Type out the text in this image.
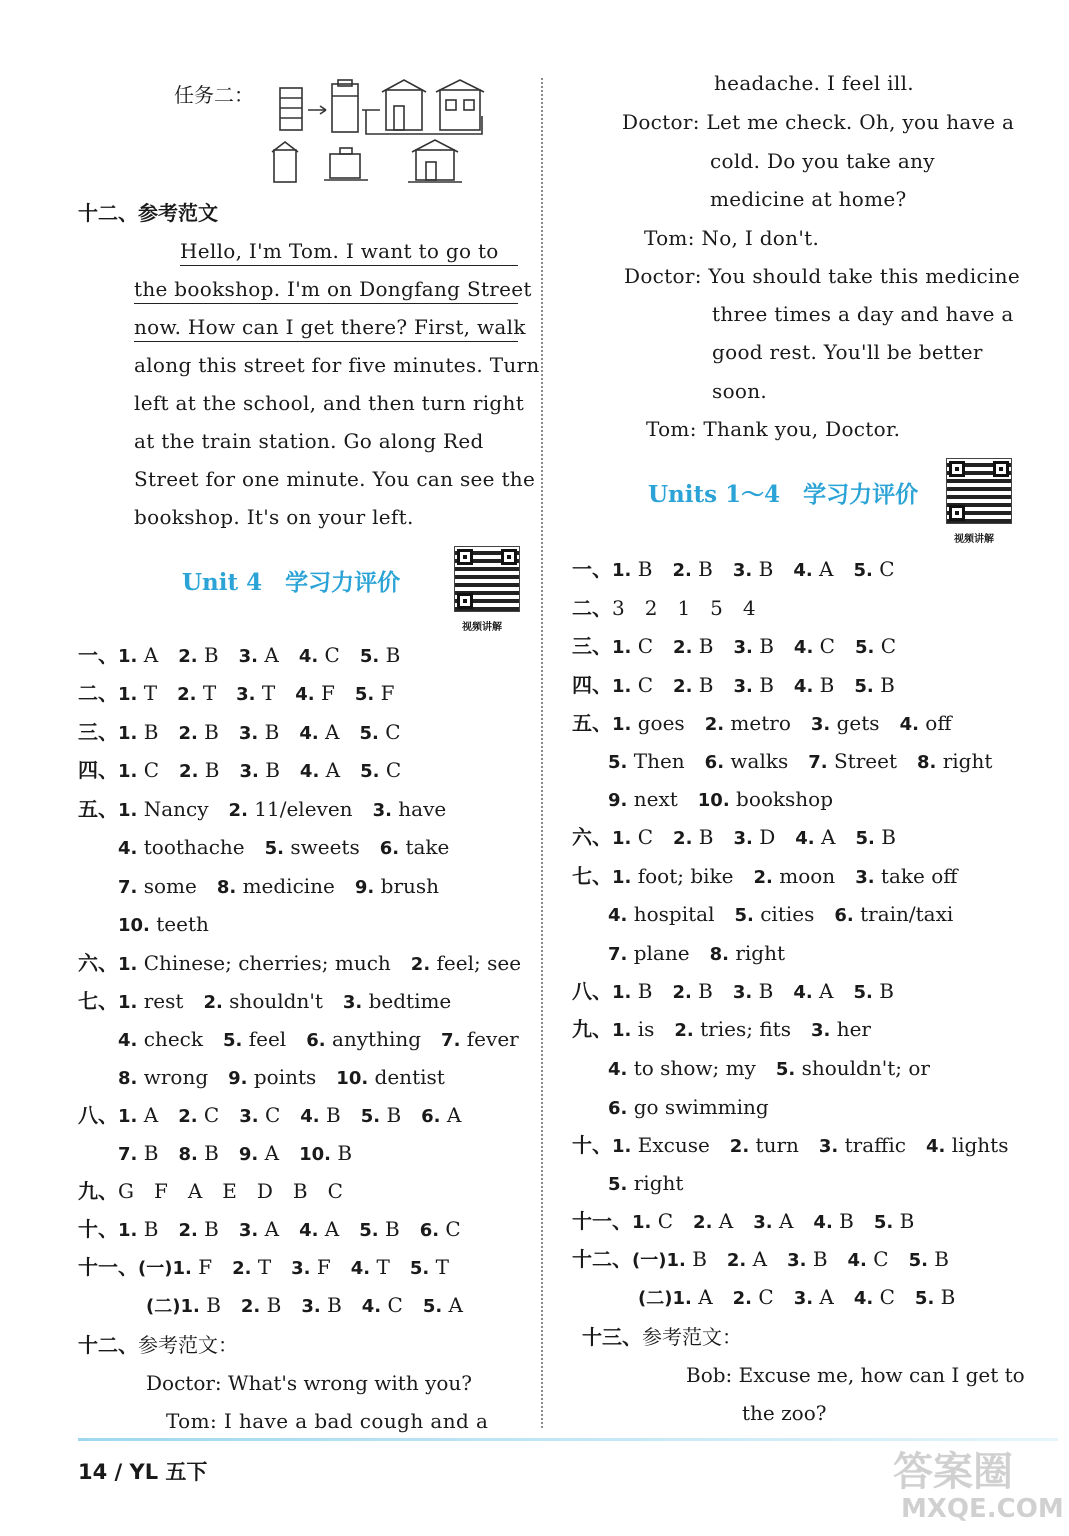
任务二：
十二、参考范文
Hello, I'm Tom. I want to go to
the bookshop. I'm on Dongfang Street
now. How can I get there? First, walk
along this street for five minutes. Turn
left at the school, and then turn right
at the train station. Go along Red
Street for one minute. You can see the
bookshop. It's on your left.
Unit 4　学习力评价
视频讲解
一、1. A 2. B 3. A 4. C 5. B
二、1. T 2. T 3. T 4. F 5. F
三、1. B 2. B 3. B 4. A 5. C
四、1. C 2. B 3. B 4. A 5. C
五、1. Nancy 2. 11/eleven 3. have
4. toothache 5. sweets 6. take
7. some 8. medicine 9. brush
10. teeth
六、1. Chinese; cherries; much 2. feel; see
七、1. rest 2. shouldn't 3. bedtime
4. check 5. feel 6. anything 7. fever
8. wrong 9. points 10. dentist
八、1. A 2. C 3. C 4. B 5. B 6. A
7. B 8. B 9. A 10. B
九、G　F　A　E　D　B　C
十、1. B 2. B 3. A 4. A 5. B 6. C
十一、(一)1. F 2. T 3. F 4. T 5. T
(二)1. B 2. B 3. B 4. C 5. A
十二、参考范文：
Doctor: What's wrong with you?
Tom: I have a bad cough and a
headache. I feel ill.
Doctor: Let me check. Oh, you have a
cold. Do you take any
medicine at home?
Tom: No, I don't.
Doctor: You should take this medicine
three times a day and have a
good rest. You'll be better
soon.
Tom: Thank you, Doctor.
Units 1～4　学习力评价
视频讲解
一、1. B 2. B 3. B 4. A 5. C
二、3　2　1　5　4
三、1. C 2. B 3. B 4. C 5. C
四、1. C 2. B 3. B 4. B 5. B
五、1. goes 2. metro 3. gets 4. off
5. Then 6. walks 7. Street 8. right
9. next 10. bookshop
六、1. C 2. B 3. D 4. A 5. B
七、1. foot; bike 2. moon 3. take off
4. hospital 5. cities 6. train/taxi
7. plane 8. right
八、1. B 2. B 3. B 4. A 5. B
九、1. is 2. tries; fits 3. her
4. to show; my 5. shouldn't; or
6. go swimming
十、1. Excuse 2. turn 3. traffic 4. lights
5. right
十一、1. C 2. A 3. A 4. B 5. B
十二、(一)1. B 2. A 3. B 4. C 5. B
(二)1. A 2. C 3. A 4. C 5. B
十三、参考范文：
Bob: Excuse me, how can I get to
the zoo?
14 / YL 五下	答案圈
MXQE.COM
